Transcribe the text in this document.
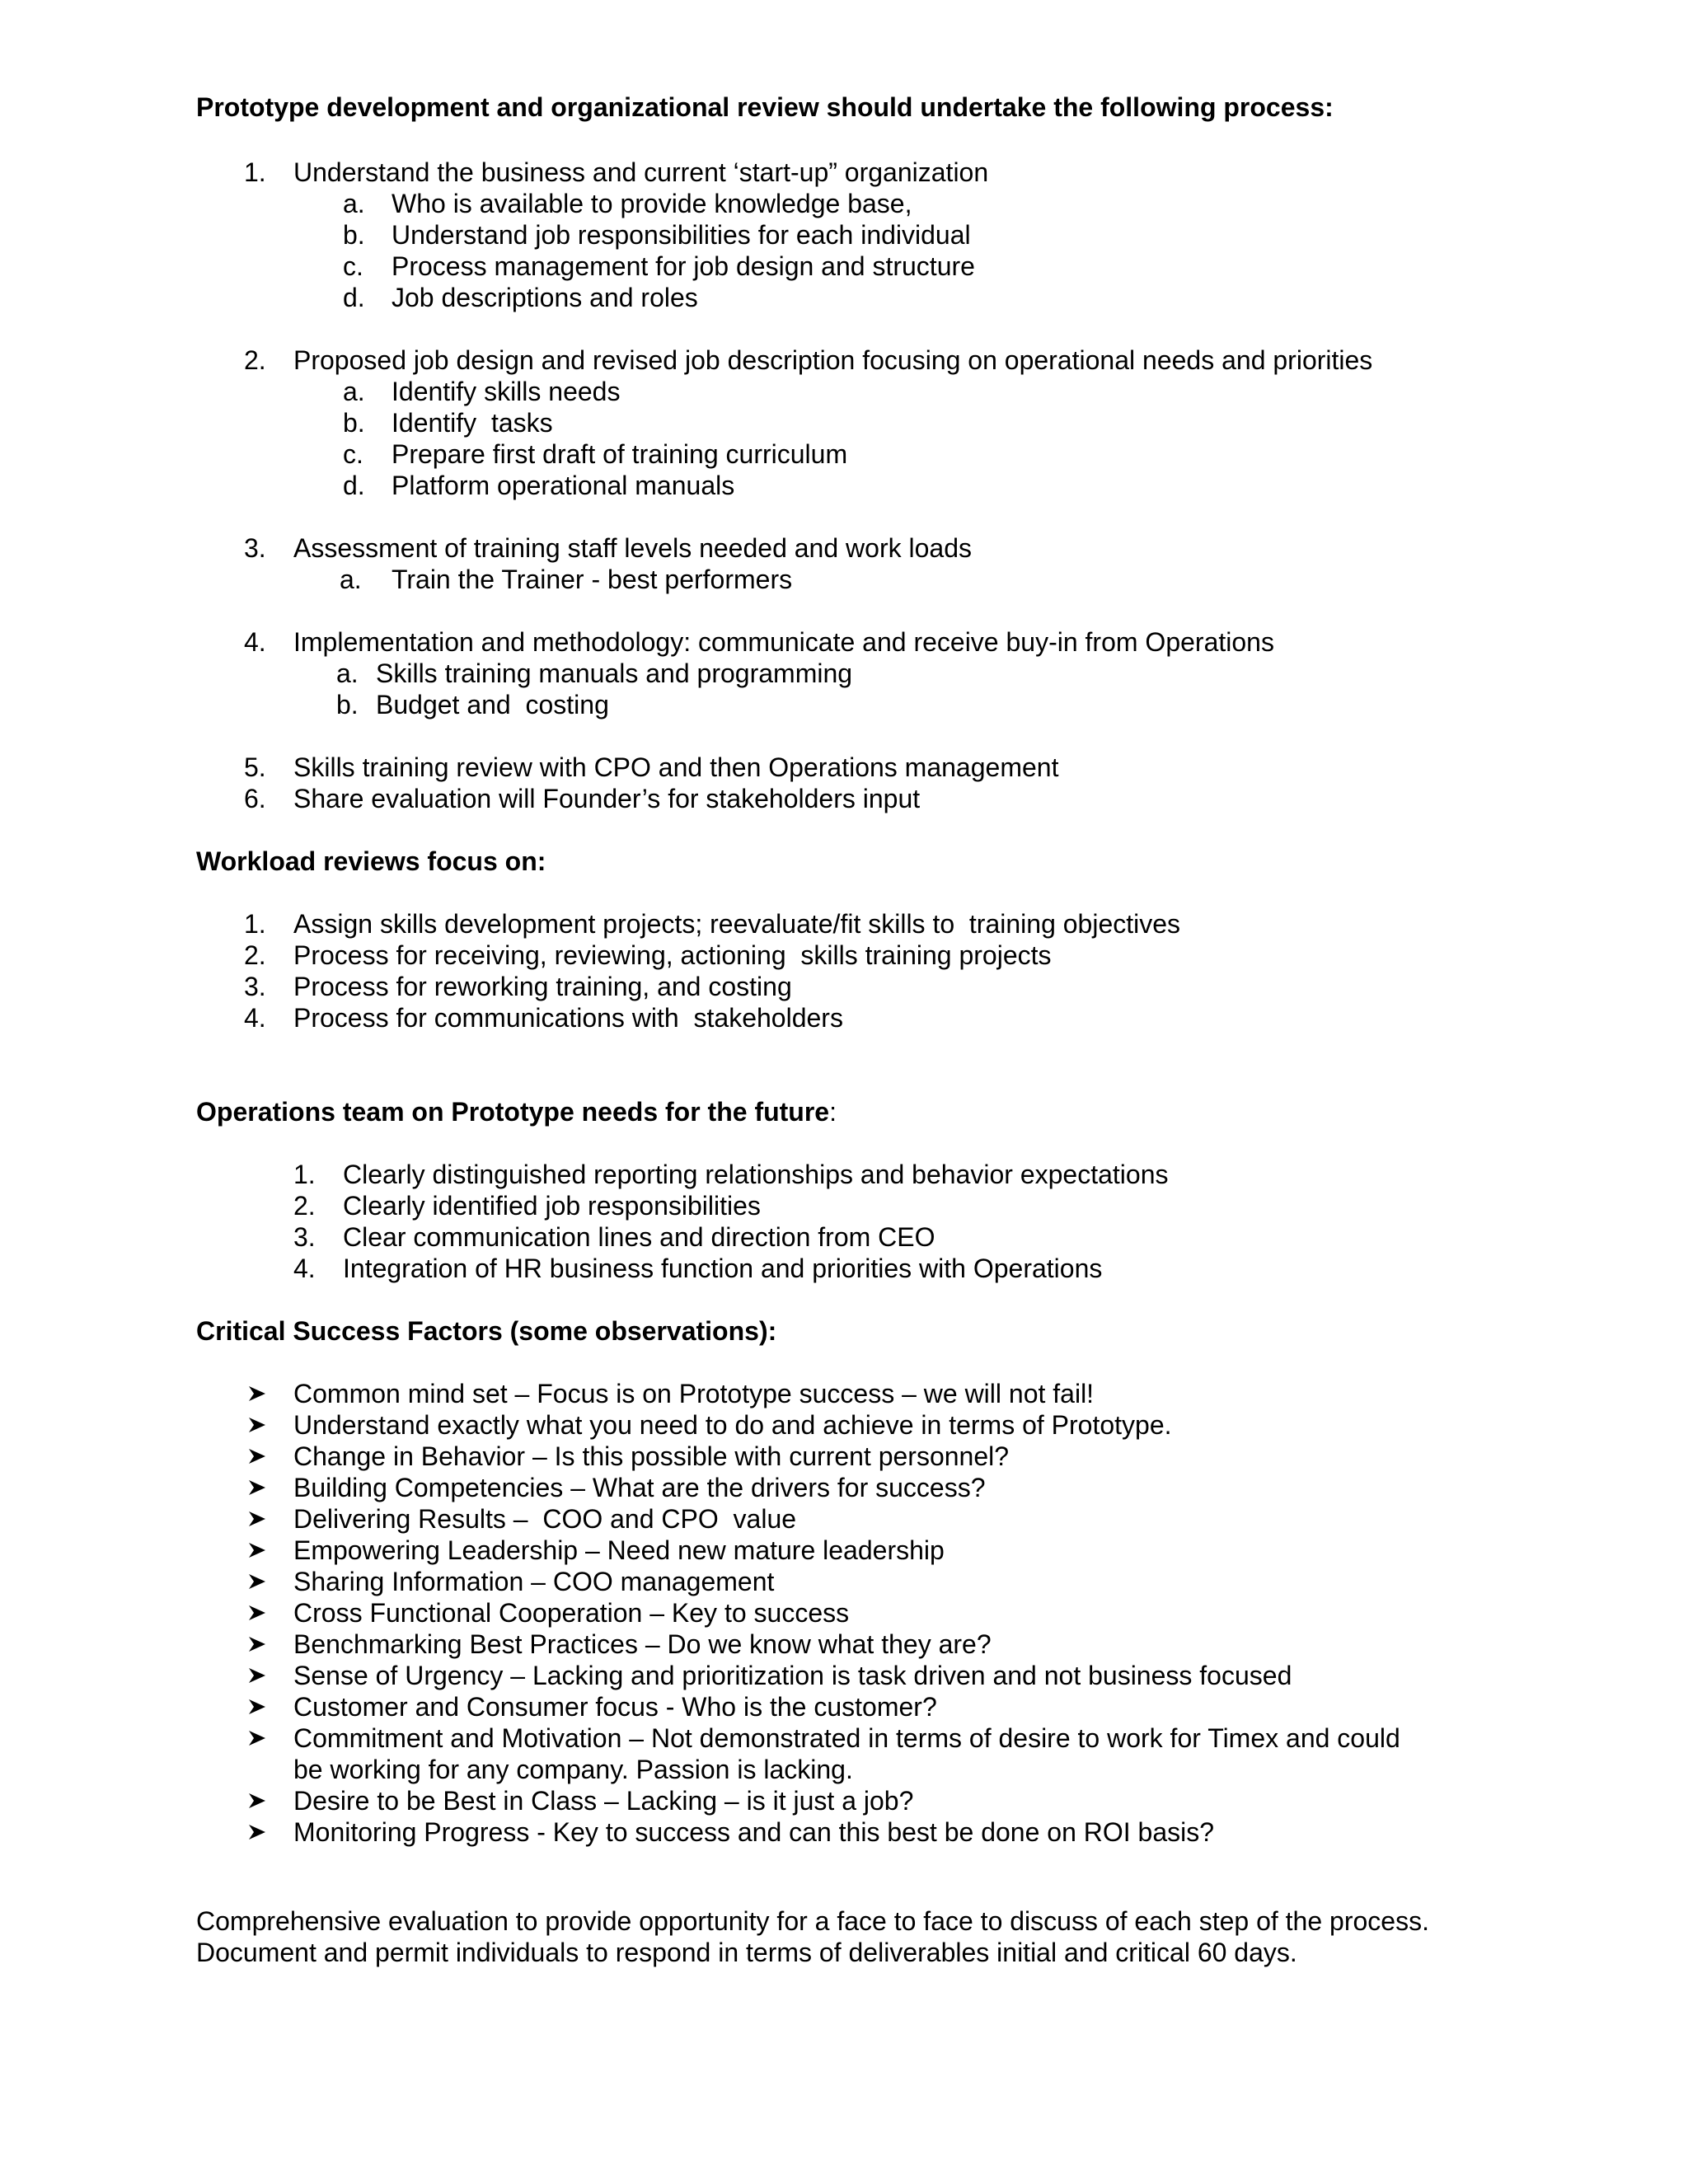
Prototype development and organizational review should undertake the following process:
1. Understand the business and current ‘start-up” organization
a. Who is available to provide knowledge base,
b. Understand job responsibilities for each individual
c. Process management for job design and structure
d. Job descriptions and roles
2. Proposed job design and revised job description focusing on operational needs and priorities
a. Identify skills needs
b. Identify  tasks
c. Prepare first draft of training curriculum
d. Platform operational manuals
3. Assessment of training staff levels needed and work loads
a. Train the Trainer - best performers
4. Implementation and methodology: communicate and receive buy-in from Operations
a. Skills training manuals and programming
b. Budget and  costing
5. Skills training review with CPO and then Operations management
6. Share evaluation will Founder’s for stakeholders input
Workload reviews focus on:
1. Assign skills development projects; reevaluate/fit skills to  training objectives
2. Process for receiving, reviewing, actioning  skills training projects
3. Process for reworking training, and costing
4. Process for communications with  stakeholders
Operations team on Prototype needs for the future:
1. Clearly distinguished reporting relationships and behavior expectations
2. Clearly identified job responsibilities
3. Clear communication lines and direction from CEO
4. Integration of HR business function and priorities with Operations
Critical Success Factors (some observations):
Common mind set – Focus is on Prototype success – we will not fail!
Understand exactly what you need to do and achieve in terms of Prototype.
Change in Behavior – Is this possible with current personnel?
Building Competencies – What are the drivers for success?
Delivering Results –  COO and CPO  value
Empowering Leadership – Need new mature leadership
Sharing Information – COO management
Cross Functional Cooperation – Key to success
Benchmarking Best Practices – Do we know what they are?
Sense of Urgency – Lacking and prioritization is task driven and not business focused
Customer and Consumer focus - Who is the customer?
Commitment and Motivation – Not demonstrated in terms of desire to work for Timex and could
be working for any company. Passion is lacking.
Desire to be Best in Class – Lacking – is it just a job?
Monitoring Progress - Key to success and can this best be done on ROI basis?
Comprehensive evaluation to provide opportunity for a face to face to discuss of each step of the process.
Document and permit individuals to respond in terms of deliverables initial and critical 60 days.
